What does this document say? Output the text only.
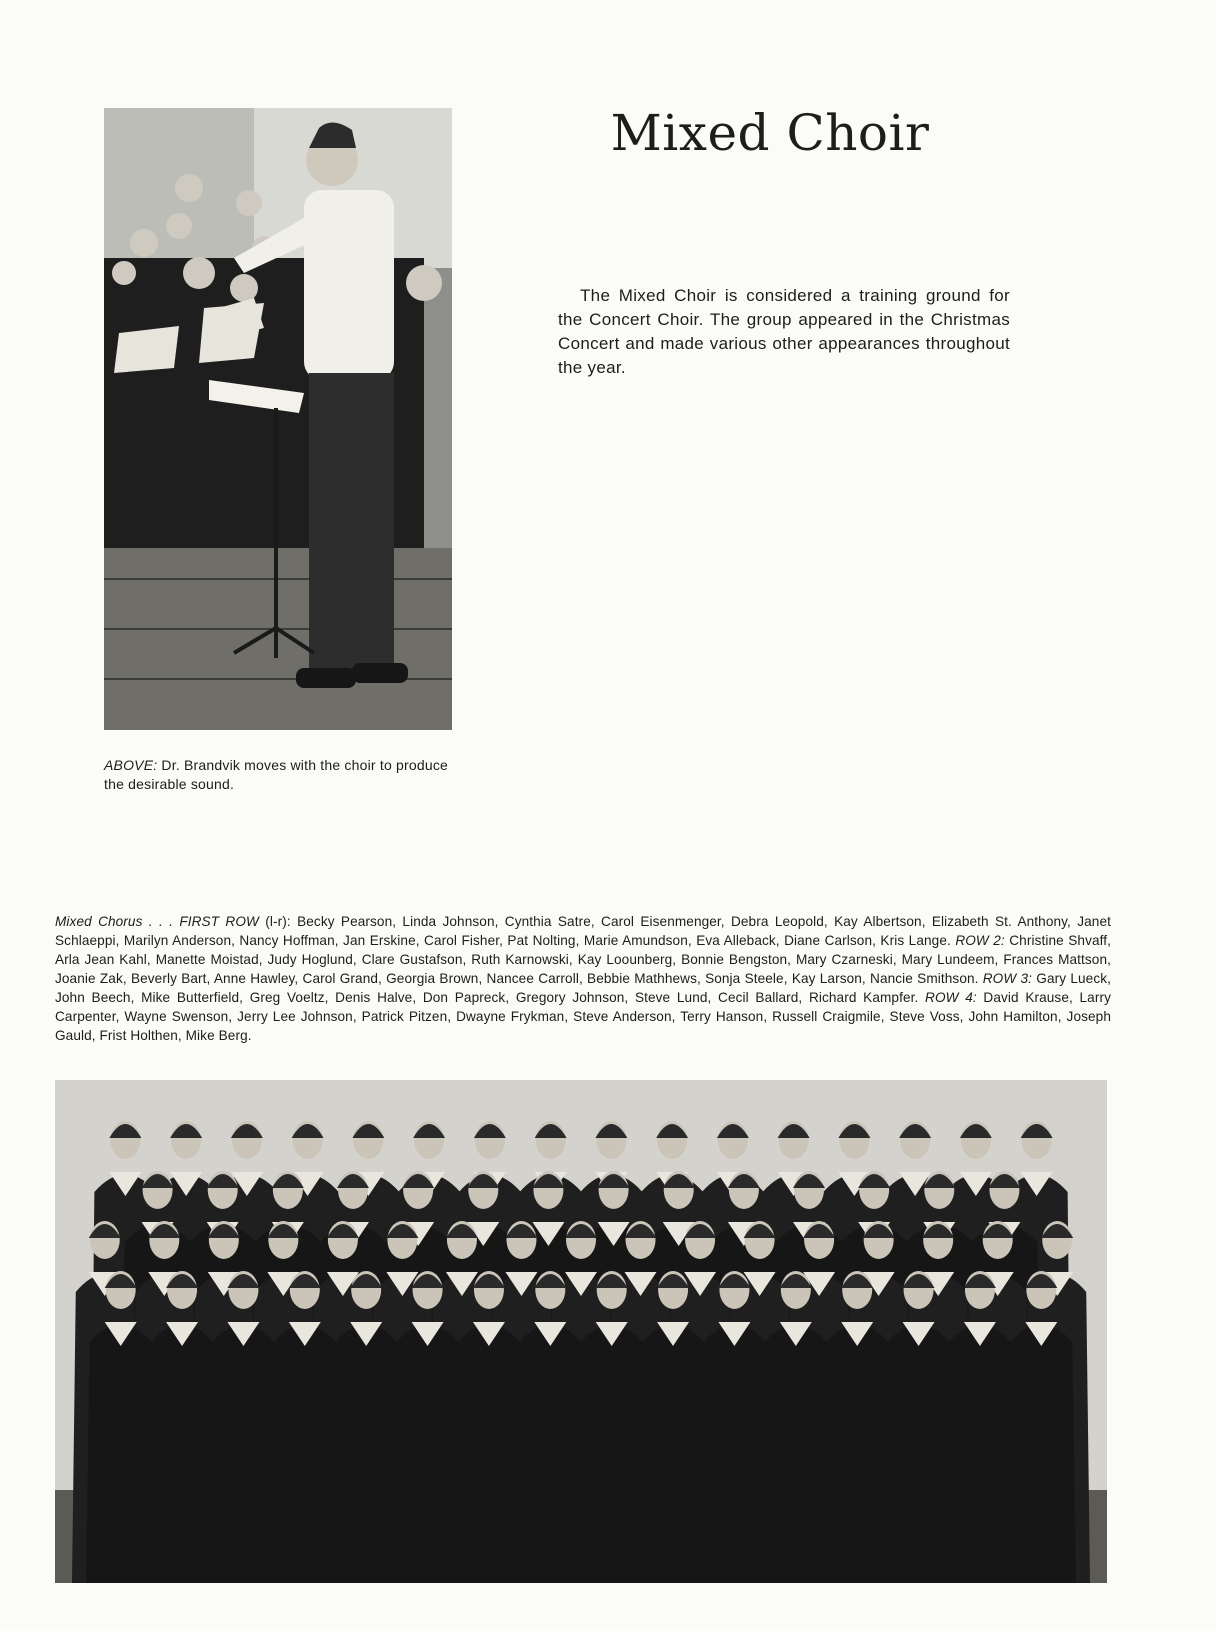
ABOVE: Dr. Brandvik moves with the choir to produce the desirable sound.
Mixed Choir

The Mixed Choir is considered a training ground for the Concert Choir. The group appeared in the Christmas Concert and made various other appearances throughout the year.

Mixed Chorus . . . FIRST ROW (l-r): Becky Pearson, Linda Johnson, Cynthia Satre, Carol Eisenmenger, Debra Leopold, Kay Albertson, Elizabeth St. Anthony, Janet Schlaeppi, Marilyn Anderson, Nancy Hoffman, Jan Erskine, Carol Fisher, Pat Nolting, Marie Amundson, Eva Alleback, Diane Carlson, Kris Lange. ROW 2: Christine Shvaff, Arla Jean Kahl, Manette Moistad, Judy Hoglund, Clare Gustafson, Ruth Karnowski, Kay Loounberg, Bonnie Bengston, Mary Czarneski, Mary Lundeem, Frances Mattson, Joanie Zak, Beverly Bart, Anne Hawley, Carol Grand, Georgia Brown, Nancee Carroll, Bebbie Mathhews, Sonja Steele, Kay Larson, Nancie Smithson. ROW 3: Gary Lueck, John Beech, Mike Butterfield, Greg Voeltz, Denis Halve, Don Papreck, Gregory Johnson, Steve Lund, Cecil Ballard, Richard Kampfer. ROW 4: David Krause, Larry Carpenter, Wayne Swenson, Jerry Lee Johnson, Patrick Pitzen, Dwayne Frykman, Steve Anderson, Terry Hanson, Russell Craigmile, Steve Voss, John Hamilton, Joseph Gauld, Frist Holthen, Mike Berg.
